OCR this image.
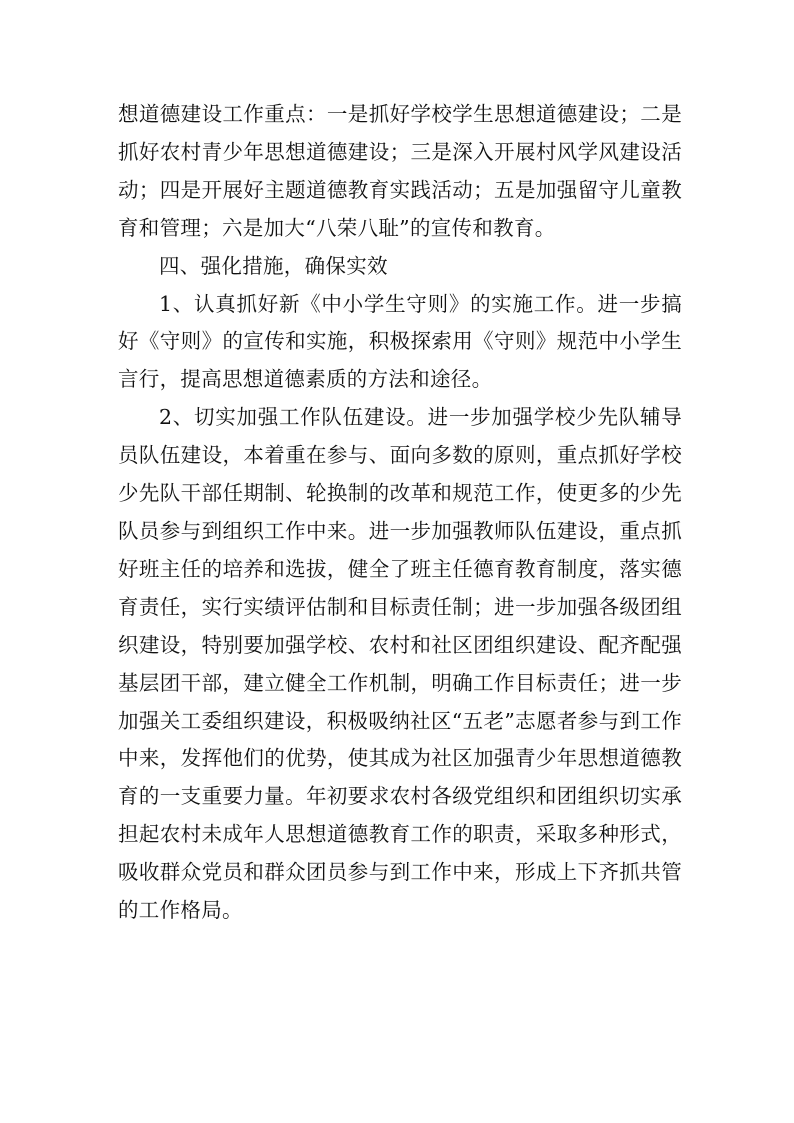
想道德建设工作重点：一是抓好学校学生思想道德建设；二是抓好农村青少年思想道德建设；三是深入开展村风学风建设活动；四是开展好主题道德教育实践活动；五是加强留守儿童教育和管理；六是加大“八荣八耻”的宣传和教育。

四、强化措施，确保实效

1、认真抓好新《中小学生守则》的实施工作。进一步搞好《守则》的宣传和实施，积极探索用《守则》规范中小学生言行，提高思想道德素质的方法和途径。

2、切实加强工作队伍建设。进一步加强学校少先队辅导员队伍建设，本着重在参与、面向多数的原则，重点抓好学校少先队干部任期制、轮换制的改革和规范工作，使更多的少先队员参与到组织工作中来。进一步加强教师队伍建设，重点抓好班主任的培养和选拔，健全了班主任德育教育制度，落实德育责任，实行实绩评估制和目标责任制；进一步加强各级团组织建设，特别要加强学校、农村和社区团组织建设、配齐配强基层团干部，建立健全工作机制，明确工作目标责任；进一步加强关工委组织建设，积极吸纳社区“五老”志愿者参与到工作中来，发挥他们的优势，使其成为社区加强青少年思想道德教育的一支重要力量。年初要求农村各级党组织和团组织切实承担起农村未成年人思想道德教育工作的职责，采取多种形式，吸收群众党员和群众团员参与到工作中来，形成上下齐抓共管的工作格局。
